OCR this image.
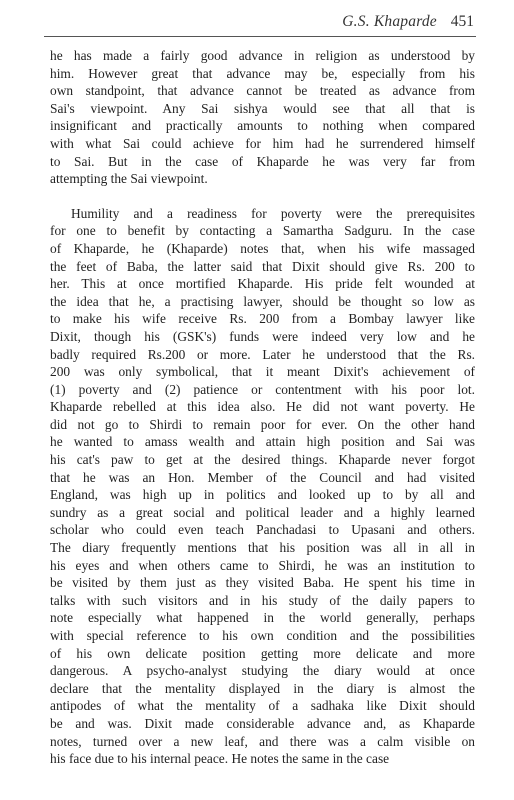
G.S. Khaparde 451

he has made a fairly good advance in religion as understood by
him. However great that advance may be, especially from his
own standpoint, that advance cannot be treated as advance from
Sai's viewpoint. Any Sai sishya would see that all that is
insignificant and practically amounts to nothing when compared
with what Sai could achieve for him had he surrendered himself
to Sai. But in the case of Khaparde he was very far from
attempting the Sai viewpoint.

Humility and a readiness for poverty were the prerequisites
for one to benefit by contacting a Samartha Sadguru. In the case
of Khaparde, he (Khaparde) notes that, when his wife massaged
the feet of Baba, the latter said that Dixit should give Rs. 200 to
her. This at once mortified Khaparde. His pride felt wounded at
the idea that he, a practising lawyer, should be thought so low as
to make his wife receive Rs. 200 from a Bombay lawyer like
Dixit, though his (GSK's) funds were indeed very low and he
badly required Rs.200 or more. Later he understood that the Rs.
200 was only symbolical, that it meant Dixit's achievement of
(1) poverty and (2) patience or contentment with his poor lot.
Khaparde rebelled at this idea also. He did not want poverty. He
did not go to Shirdi to remain poor for ever. On the other hand
he wanted to amass wealth and attain high position and Sai was
his cat's paw to get at the desired things. Khaparde never forgot
that he was an Hon. Member of the Council and had visited
England, was high up in politics and looked up to by all and
sundry as a great social and political leader and a highly learned
scholar who could even teach Panchadasi to Upasani and others.
The diary frequently mentions that his position was all in all in
his eyes and when others came to Shirdi, he was an institution to
be visited by them just as they visited Baba. He spent his time in
talks with such visitors and in his study of the daily papers to
note especially what happened in the world generally, perhaps
with special reference to his own condition and the possibilities
of his own delicate position getting more delicate and more
dangerous. A psycho-analyst studying the diary would at once
declare that the mentality displayed in the diary is almost the
antipodes of what the mentality of a sadhaka like Dixit should
be and was. Dixit made considerable advance and, as Khaparde
notes, turned over a new leaf, and there was a calm visible on
his face due to his internal peace. He notes the same in the case
